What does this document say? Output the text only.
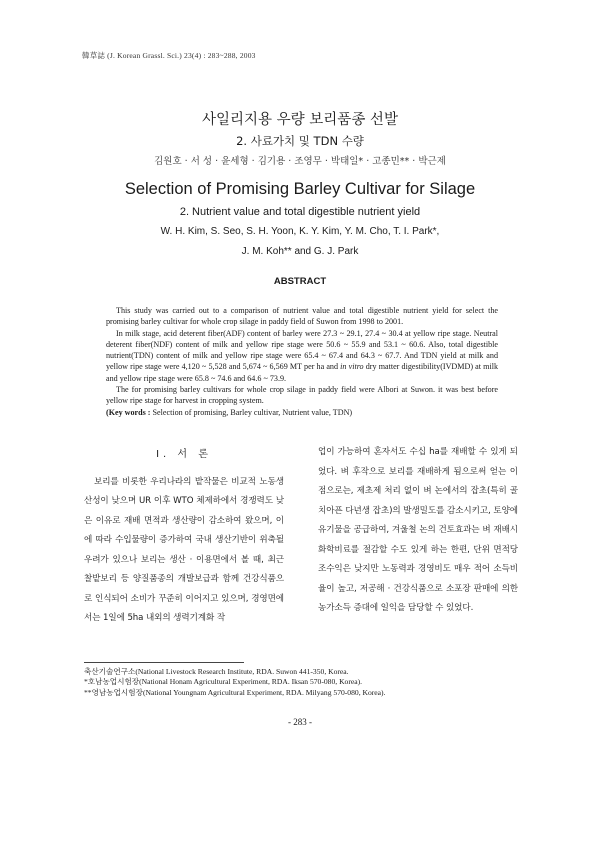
韓草誌 (J. Korean Grassl. Sci.) 23(4) : 283~288, 2003
사일리지용 우량 보리품종 선발
2. 사료가치 및 TDN 수량
김원호 · 서 성 · 윤세형 · 김기용 · 조영무 · 박태일* · 고종민** · 박근제
Selection of Promising Barley Cultivar for Silage
2. Nutrient value and total digestible nutrient yield
W. H. Kim, S. Seo, S. H. Yoon, K. Y. Kim, Y. M. Cho, T. I. Park*,
J. M. Koh** and G. J. Park
ABSTRACT

This study was carried out to a comparison of nutrient value and total digestible nutrient yield for select the promising barley cultivar for whole crop silage in paddy field of Suwon from 1998 to 2001.

In milk stage, acid deterent fiber(ADF) content of barley were 27.3 ~ 29.1, 27.4 ~ 30.4 at yellow ripe stage. Neutral deterent fiber(NDF) content of milk and yellow ripe stage were 50.6 ~ 55.9 and 53.1 ~ 60.6. Also, total digestible nutrient(TDN) content of milk and yellow ripe stage were 65.4 ~ 67.4 and 64.3 ~ 67.7. And TDN yield at milk and yellow ripe stage were 4,120 ~ 5,528 and 5,674 ~ 6,569 MT per ha and in vitro dry matter digestibility(IVDMD) at milk and yellow ripe stage were 65.8 ~ 74.6 and 64.6 ~ 73.9.

The for promising barley cultivars for whole crop silage in paddy field were Albori at Suwon. it was best before yellow ripe stage for harvest in cropping system.

(Key words : Selection of promising, Barley cultivar, Nutrient value, TDN)

I. 서 론

보리를 비롯한 우리나라의 밭작물은 비교적 노동생산성이 낮으며 UR 이후 WTO 체제하에서 경쟁력도 낮은 이유로 재배 면적과 생산량이 감소하여 왔으며, 이에 따라 수입물량이 증가하여 국내 생산기반이 위축될 우려가 있으나 보리는 생산 · 이용면에서 볼 때, 최근 찰밭보리 등 양질품종의 개발보급과 함께 건강식품으로 인식되어 소비가 꾸준히 이어지고 있으며, 경영면에서는 1일에 5ha 내외의 생력기계화 작

업이 가능하여 혼자서도 수십 ha를 재배할 수 있게 되었다. 벼 후작으로 보리를 재배하게 됨으로써 얻는 이점으로는, 제초제 처리 없이 벼 논에서의 잡초(특히 골치아픈 다년생 잡초)의 발생밀도를 감소시키고, 토양에 유기물을 공급하여, 겨울철 논의 건토효과는 벼 재배시 화학비료를 절감할 수도 있게 하는 한편, 단위 면적당 조수익은 낮지만 노동력과 경영비도 매우 적어 소득비율이 높고, 저공해 · 건강식품으로 소포장 판매에 의한 농가소득 증대에 일익을 담당할 수 있었다.

축산기술연구소(National Livestock Research Institute, RDA. Suwon 441-350, Korea.
*호남농업시험장(National Honam Agricultural Experiment, RDA. Iksan 570-080, Korea).
**영남농업시험장(National Youngnam Agricultural Experiment, RDA. Milyang 570-080, Korea).
- 283 -
